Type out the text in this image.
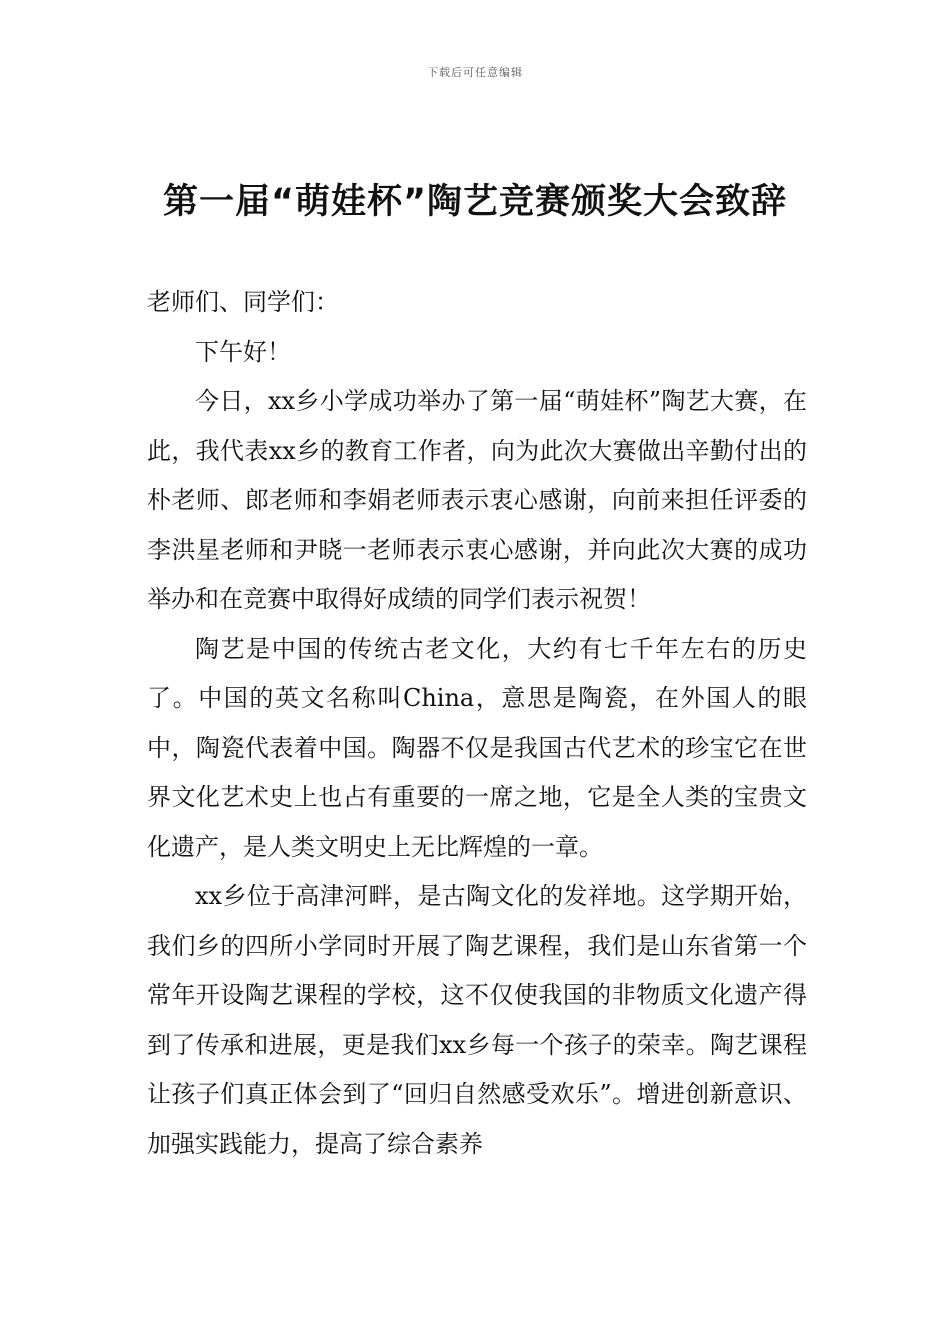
下载后可任意编辑
第一届“萌娃杯”陶艺竞赛颁奖大会致辞

老师们、同学们：

下午好！

今日，xx乡小学成功举办了第一届“萌娃杯”陶艺大赛，在此，我代表xx乡的教育工作者，向为此次大赛做出辛勤付出的朴老师、郎老师和李娟老师表示衷心感谢，向前来担任评委的李洪星老师和尹晓一老师表示衷心感谢，并向此次大赛的成功举办和在竞赛中取得好成绩的同学们表示祝贺！

陶艺是中国的传统古老文化，大约有七千年左右的历史了。中国的英文名称叫China，意思是陶瓷，在外国人的眼中，陶瓷代表着中国。陶器不仅是我国古代艺术的珍宝它在世界文化艺术史上也占有重要的一席之地，它是全人类的宝贵文化遗产，是人类文明史上无比辉煌的一章。

xx乡位于高津河畔，是古陶文化的发祥地。这学期开始，我们乡的四所小学同时开展了陶艺课程，我们是山东省第一个常年开设陶艺课程的学校，这不仅使我国的非物质文化遗产得到了传承和进展，更是我们xx乡每一个孩子的荣幸。陶艺课程让孩子们真正体会到了“回归自然感受欢乐”。增进创新意识、加强实践能力，提高了综合素养
